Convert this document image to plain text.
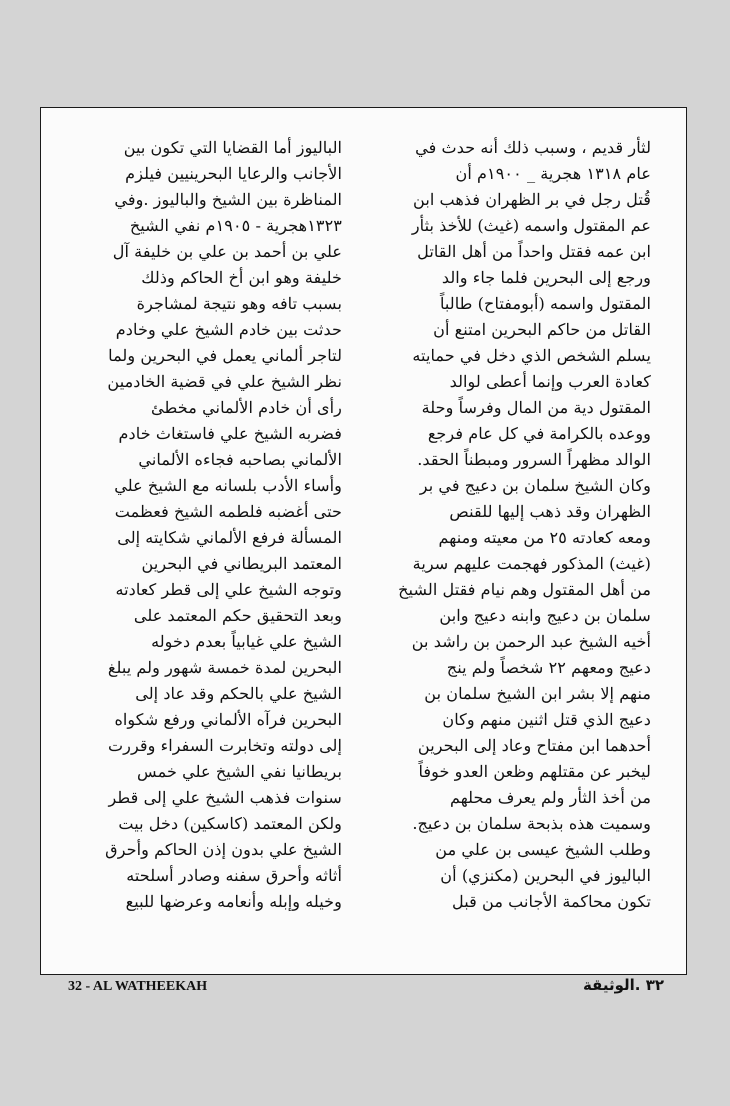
لثأر قديم ، وسبب ذلك أنه حدث في
عام ١٣١٨ هجرية _ ١٩٠٠م أن
قُتل رجل في بر الظهران فذهب ابن
عم المقتول واسمه (غيث) للأخذ بثأر
ابن عمه فقتل واحداً من أهل القاتل
ورجع إلى البحرين فلما جاء والد
المقتول واسمه (أبومفتاح) طالباً
القاتل من حاكم البحرين امتنع أن
يسلم الشخص الذي دخل في حمايته
كعادة العرب وإنما أعطى لوالد
المقتول دية من المال وفرساً وحلة
ووعده بالكرامة في كل عام فرجع
الوالد مظهراً السرور ومبطناً الحقد.
وكان الشيخ سلمان بن دعيج في بر
الظهران وقد ذهب إليها للقنص
ومعه كعادته ٢٥ من معيته ومنهم
(غيث) المذكور فهجمت عليهم سرية
من أهل المقتول وهم نيام فقتل الشيخ
سلمان بن دعيج وابنه دعيج وابن
أخيه الشيخ عبد الرحمن بن راشد بن
دعيج ومعهم ٢٢ شخصاً ولم ينج
منهم إلا بشر ابن الشيخ سلمان بن
دعيج الذي قتل اثنين منهم وكان
أحدهما ابن مفتاح وعاد إلى البحرين
ليخبر عن مقتلهم وظعن العدو خوفاً
من أخذ الثأر ولم يعرف محلهم
وسميت هذه بذبحة سلمان بن دعيج.
وطلب الشيخ عيسى بن علي من
الباليوز في البحرين (مكنزي) أن
تكون محاكمة الأجانب من قبل
الباليوز أما القضايا التي تكون بين
الأجانب والرعايا البحرينيين فيلزم
المناظرة بين الشيخ والباليوز .وفي
١٣٢٣هجرية - ١٩٠٥م نفي الشيخ
علي بن أحمد بن علي بن خليفة آل
خليفة وهو ابن أخ الحاكم وذلك
بسبب تافه وهو نتيجة لمشاجرة
حدثت بين خادم الشيخ علي وخادم
لتاجر ألماني يعمل في البحرين ولما
نظر الشيخ علي في قضية الخادمين
رأى أن خادم الألماني مخطئ
فضربه الشيخ علي فاستغاث خادم
الألماني بصاحبه فجاءه الألماني
وأساء الأدب بلسانه مع الشيخ علي
حتى أغضبه فلطمه الشيخ فعظمت
المسألة فرفع الألماني شكايته إلى
المعتمد البريطاني في البحرين
وتوجه الشيخ علي إلى قطر كعادته
وبعد التحقيق حكم المعتمد على
الشيخ علي غيابياً بعدم دخوله
البحرين لمدة خمسة شهور ولم يبلغ
الشيخ علي بالحكم وقد عاد إلى
البحرين فرآه الألماني ورفع شكواه
إلى دولته وتخابرت السفراء وقررت
بريطانيا نفي الشيخ علي خمس
سنوات فذهب الشيخ علي إلى قطر
ولكن المعتمد (كاسكين) دخل بيت
الشيخ علي بدون إذن الحاكم وأحرق
أثاثه وأحرق سفنه وصادر أسلحته
وخيله وإبله وأنعامه وعرضها للبيع
32 - AL WATHEEKAH	٣٢ .الوثيقة
